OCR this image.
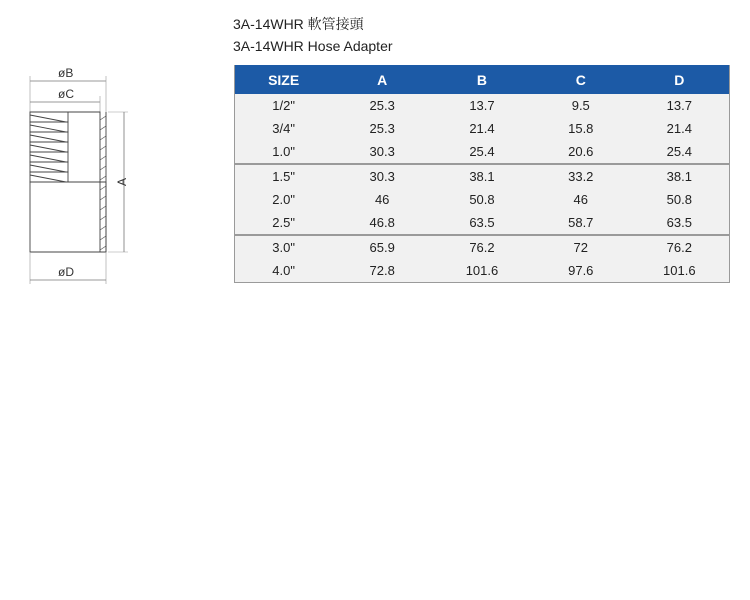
3A-14WHR 軟管接頭
3A-14WHR Hose Adapter
øB
øC
A
øD
SIZE	A	B	C	D
1/2"	25.3	13.7	9.5	13.7
3/4"	25.3	21.4	15.8	21.4
1.0"	30.3	25.4	20.6	25.4
1.5"	30.3	38.1	33.2	38.1
2.0"	46	50.8	46	50.8
2.5"	46.8	63.5	58.7	63.5
3.0"	65.9	76.2	72	76.2
4.0"	72.8	101.6	97.6	101.6
